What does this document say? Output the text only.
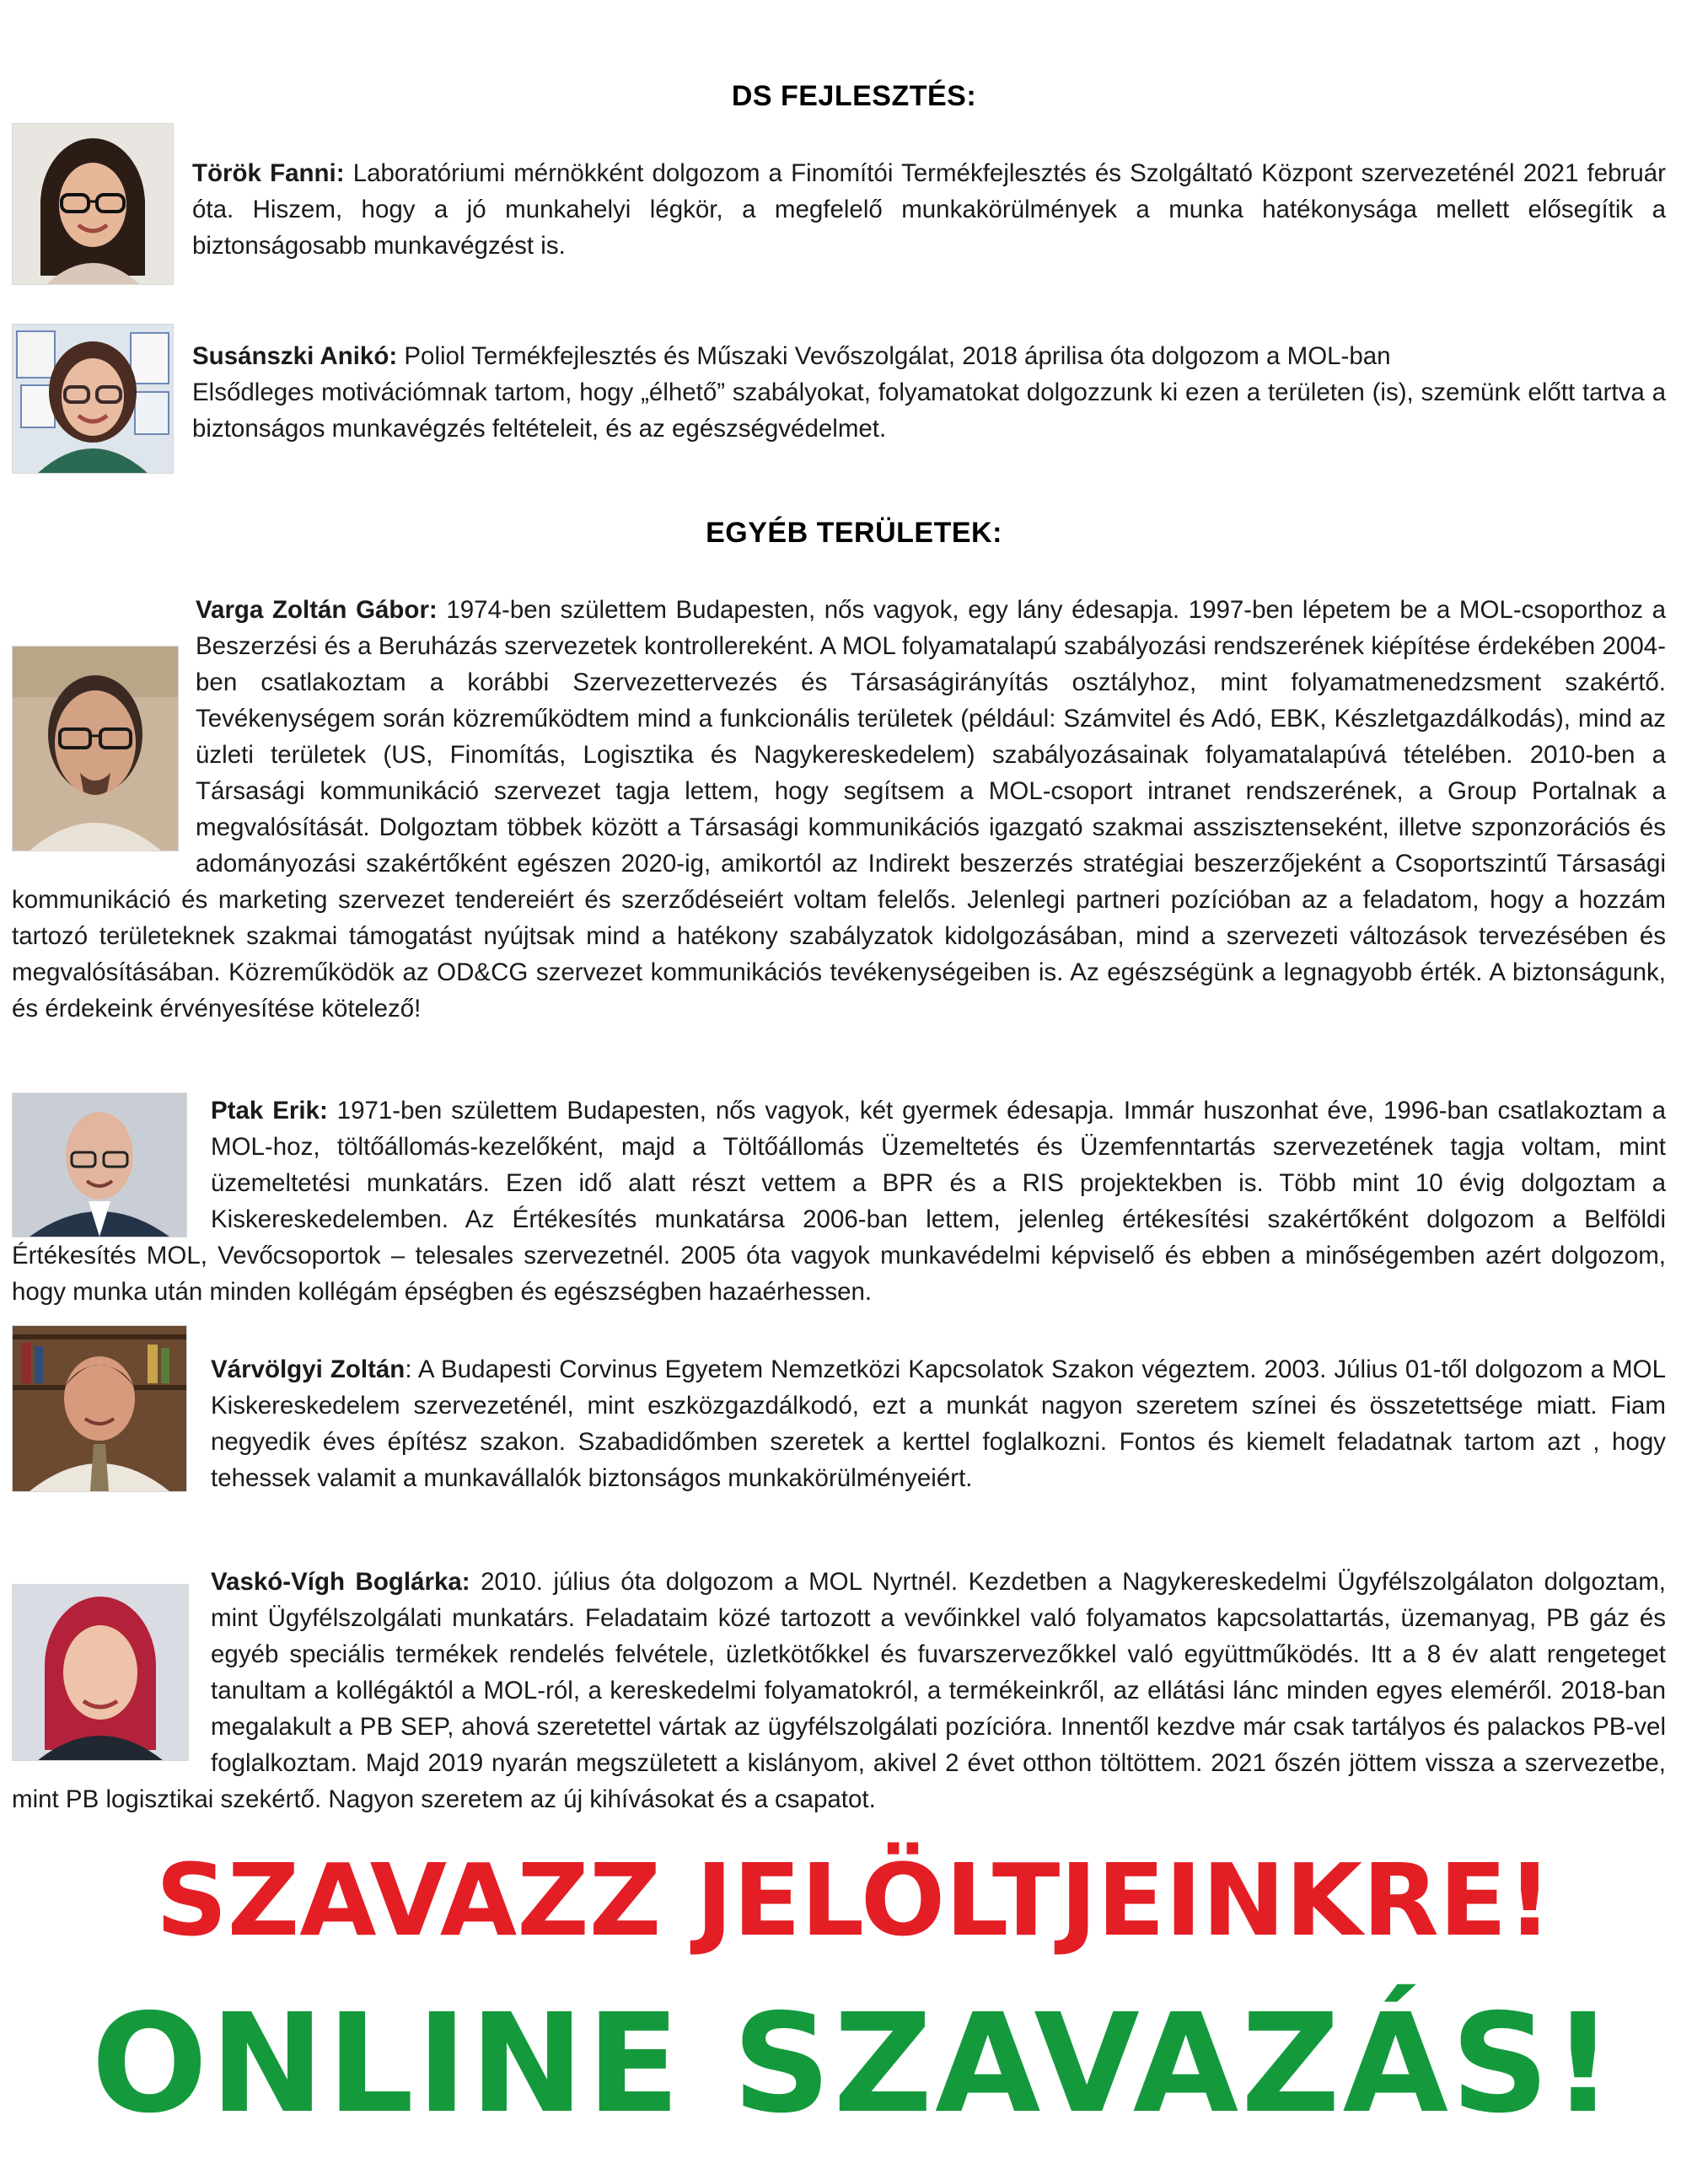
DS FEJLESZTÉS:

Török Fanni: Laboratóriumi mérnökként dolgozom a Finomítói Termékfejlesztés és Szolgáltató Központ szervezeténél 2021 február óta. Hiszem, hogy a jó munkahelyi légkör, a megfelelő munkakörülmények a munka hatékonysága mellett elősegítik a biztonságosabb munkavégzést is.

Susánszki Anikó: Poliol Termékfejlesztés és Műszaki Vevőszolgálat, 2018 áprilisa óta dolgozom a MOL-ban
Elsődleges motivációmnak tartom, hogy „élhető” szabályokat, folyamatokat dolgozzunk ki ezen a területen (is), szemünk előtt tartva a biztonságos munkavégzés feltételeit, és az egészségvédelmet.

EGYÉB TERÜLETEK:
Varga Zoltán Gábor: 1974-ben születtem Budapesten, nős vagyok, egy lány édesapja. 1997-ben lépetem be a MOL-csoporthoz a Beszerzési és a Beruházás szervezetek kontrollereként. A MOL folyamatalapú szabályozási rendszerének kiépítése érdekében 2004-ben csatlakoztam a korábbi Szervezettervezés és Társaságirányítás osztályhoz, mint folyamatmenedzsment szakértő. Tevékenységem során közreműködtem mind a funkcionális területek (például: Számvitel és Adó, EBK, Készletgazdálkodás), mind az üzleti területek (US, Finomítás, Logisztika és Nagykereskedelem) szabályozásainak folyamatalapúvá tételében. 2010-ben a Társasági kommunikáció szervezet tagja lettem, hogy segítsem a MOL-csoport intranet rendszerének, a Group Portalnak a megvalósítását. Dolgoztam többek között a Társasági kommunikációs igazgató szakmai asszisztenseként, illetve szponzorációs és adományozási szakértőként egészen 2020-ig, amikortól az Indirekt beszerzés stratégiai beszerzőjeként a Csoportszintű Társasági kommunikáció és marketing szervezet tendereiért és szerződéseiért voltam felelős. Jelenlegi partneri pozícióban az a feladatom, hogy a hozzám tartozó területeknek szakmai támogatást nyújtsak mind a hatékony szabályzatok kidolgozásában, mind a szervezeti változások tervezésében és megvalósításában. Közreműködök az OD&CG szervezet kommunikációs tevékenységeiben is. Az egészségünk a legnagyobb érték. A biztonságunk, és érdekeink érvényesítése kötelező!
Ptak Erik: 1971-ben születtem Budapesten, nős vagyok, két gyermek édesapja. Immár huszonhat éve, 1996-ban csatlakoztam a MOL-hoz, töltőállomás-kezelőként, majd a Töltőállomás Üzemeltetés és Üzemfenntartás szervezetének tagja voltam, mint üzemeltetési munkatárs. Ezen idő alatt részt vettem a BPR és a RIS projektekben is. Több mint 10 évig dolgoztam a Kiskereskedelemben. Az Értékesítés munkatársa 2006-ban lettem, jelenleg értékesítési szakértőként dolgozom a Belföldi Értékesítés MOL, Vevőcsoportok – telesales szervezetnél. 2005 óta vagyok munkavédelmi képviselő és ebben a minőségemben azért dolgozom, hogy munka után minden kollégám épségben és egészségben hazaérhessen.

Várvölgyi Zoltán: A Budapesti Corvinus Egyetem Nemzetközi Kapcsolatok Szakon végeztem. 2003. Július 01-től dolgozom a MOL Kiskereskedelem szervezeténél, mint eszközgazdálkodó, ezt a munkát nagyon szeretem színei és összetettsége miatt. Fiam negyedik éves építész szakon. Szabadidőmben szeretek a kerttel foglalkozni. Fontos és kiemelt feladatnak tartom azt , hogy tehessek valamit a munkavállalók biztonságos munkakörülményeiért.

Vaskó-Vígh Boglárka: 2010. július óta dolgozom a MOL Nyrtnél. Kezdetben a Nagykereskedelmi Ügyfélszolgálaton dolgoztam, mint Ügyfélszolgálati munkatárs. Feladataim közé tartozott a vevőinkkel való folyamatos kapcsolattartás, üzemanyag, PB gáz és egyéb speciális termékek rendelés felvétele, üzletkötőkkel és fuvarszervezőkkel való együttműködés. Itt a 8 év alatt rengeteget tanultam a kollégáktól a MOL-ról, a kereskedelmi folyamatokról, a termékeinkről, az ellátási lánc minden egyes eleméről. 2018-ban megalakult a PB SEP, ahová szeretettel vártak az ügyfélszolgálati pozícióra. Innentől kezdve már csak tartályos és palackos PB-vel foglalkoztam. Majd 2019 nyarán megszületett a kislányom, akivel 2 évet otthon töltöttem. 2021 őszén jöttem vissza a szervezetbe, mint PB logisztikai szekértő. Nagyon szeretem az új kihívásokat és a csapatot.
SZAVAZZ JELÖLTJEINKRE!
ONLINE SZAVAZÁS!
